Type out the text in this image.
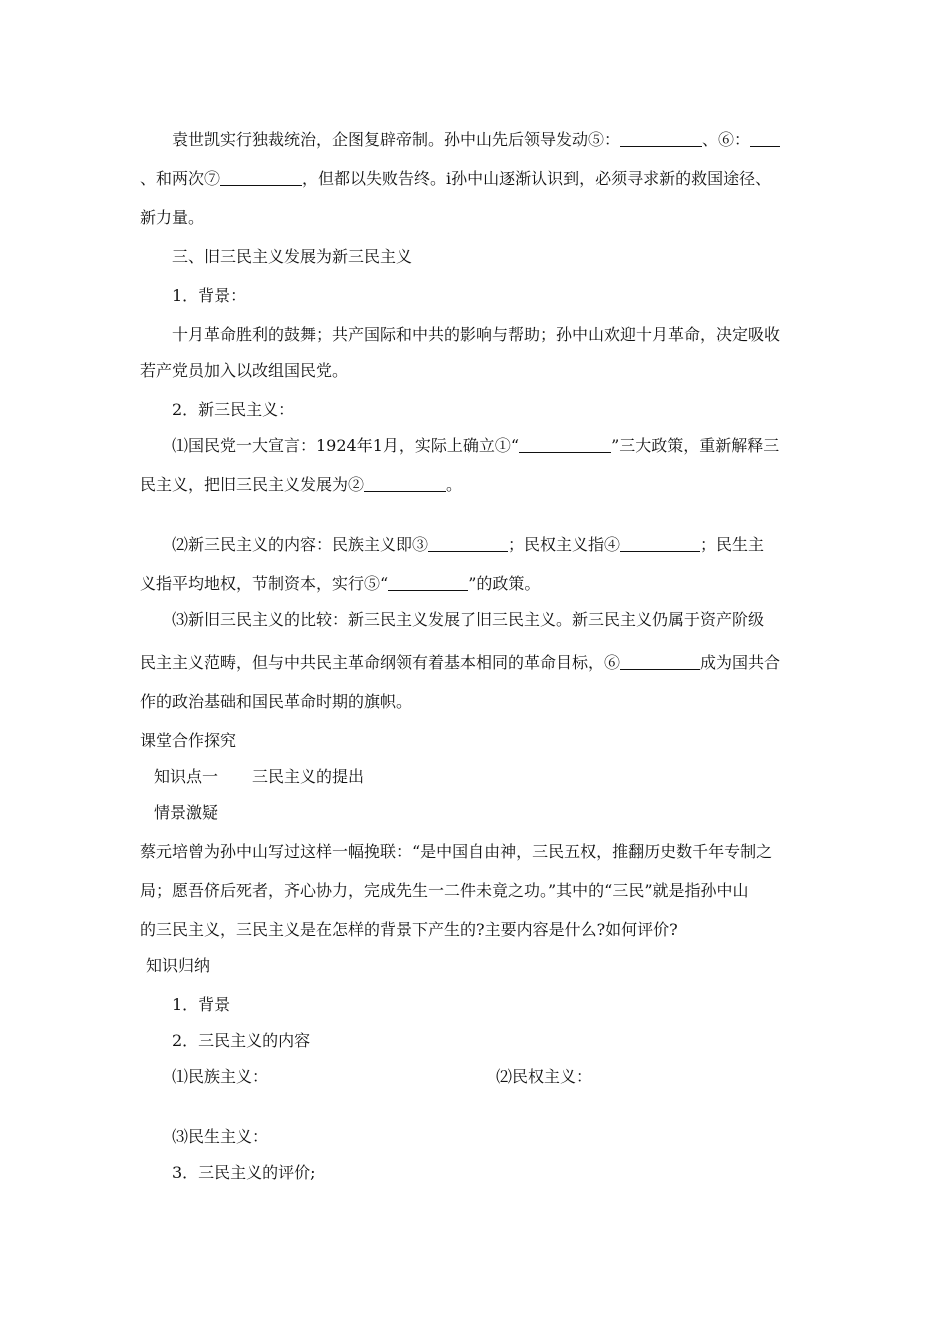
袁世凯实行独裁统治，企图复辟帝制。孙中山先后领导发动⑤：	、⑥：
、和两次⑦	，但都以失败告终。i孙中山逐渐认识到，必须寻求新的救国途径、
新力量。
三、旧三民主义发展为新三民主义
1．背景：
十月革命胜利的鼓舞；共产国际和中共的影响与帮助；孙中山欢迎十月革命，决定吸收
若产党员加入以改组国民党。
2．新三民主义：
⑴国民党一大宣言：1924年1月，实际上确立①“	”三大政策，重新解释三
民主义，把旧三民主义发展为②	。
⑵新三民主义的内容：民族主义即③	；民权主义指④	；民生主
义指平均地权，节制资本，实行⑤“	”的政策。
⑶新旧三民主义的比较：新三民主义发展了旧三民主义。新三民主义仍属于资产阶级
民主主义范畴，但与中共民主革命纲领有着基本相同的革命目标，⑥	成为国共合
作的政治基础和国民革命时期的旗帜。
课堂合作探究
知识点一 三民主义的提出
情景激疑
蔡元培曾为孙中山写过这样一幅挽联：“是中国自由神，三民五权，推翻历史数千年专制之
局；愿吾侪后死者，齐心协力，完成先生一二件未竟之功。”其中的“三民”就是指孙中山
的三民主义，三民主义是在怎样的背景下产生的?主要内容是什么?如何评价?
知识归纳
1．背景
2．三民主义的内容
⑴民族主义：	⑵民权主义：
⑶民生主义：
3．三民主义的评价;
